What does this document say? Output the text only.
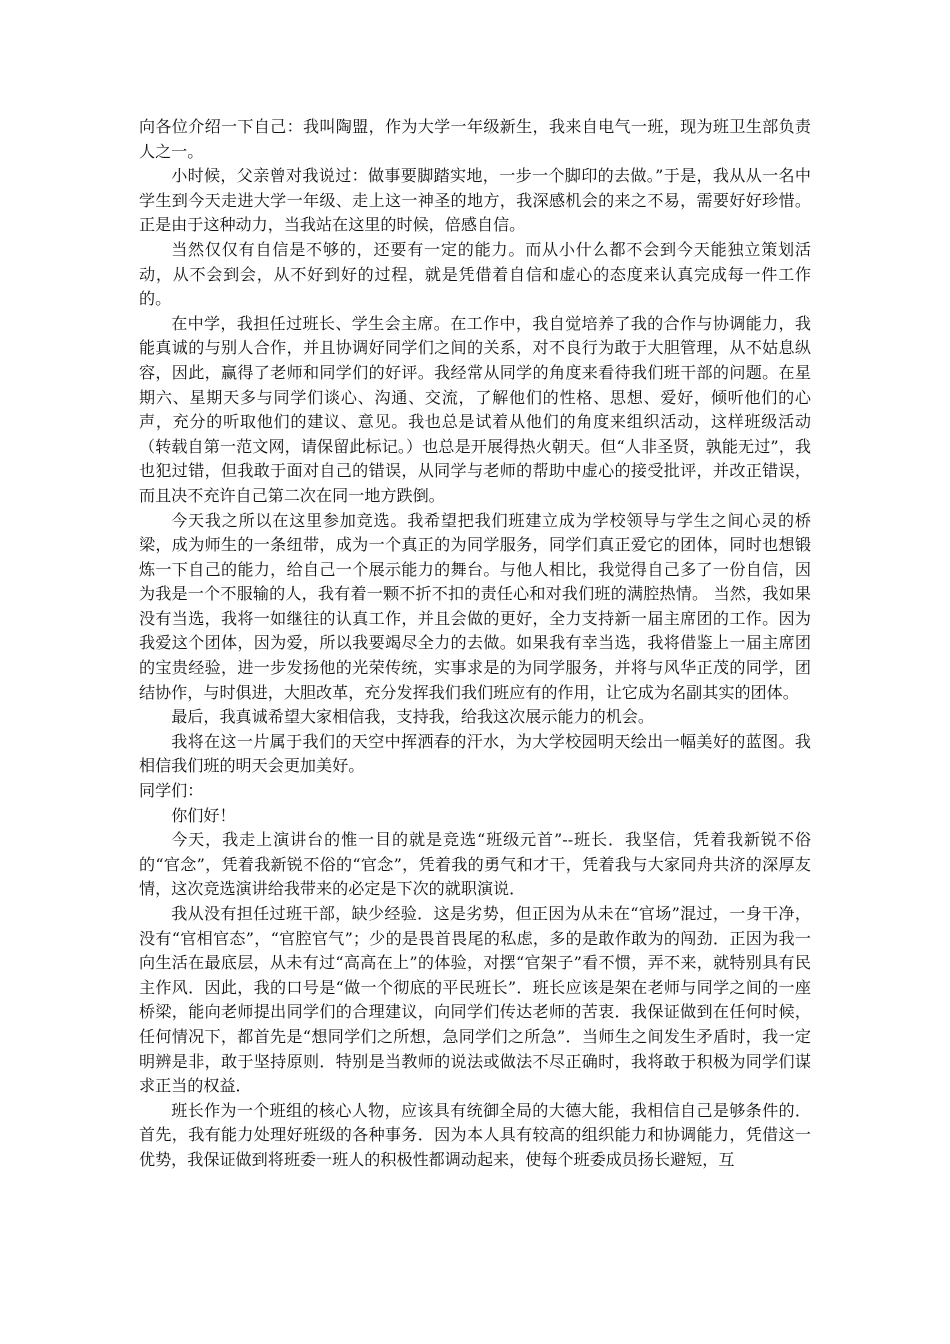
向各位介绍一下自己：我叫陶盟，作为大学一年级新生，我来自电气一班，现为班卫生部负责人之一。

小时候，父亲曾对我说过：做事要脚踏实地，一步一个脚印的去做。”于是，我从从一名中学生到今天走进大学一年级、走上这一神圣的地方，我深感机会的来之不易，需要好好珍惜。正是由于这种动力，当我站在这里的时候，倍感自信。

当然仅仅有自信是不够的，还要有一定的能力。而从小什么都不会到今天能独立策划活动，从不会到会，从不好到好的过程，就是凭借着自信和虚心的态度来认真完成每一件工作的。

在中学，我担任过班长、学生会主席。在工作中，我自觉培养了我的合作与协调能力，我能真诚的与别人合作，并且协调好同学们之间的关系，对不良行为敢于大胆管理，从不姑息纵容，因此，赢得了老师和同学们的好评。我经常从同学的角度来看待我们班干部的问题。在星期六、星期天多与同学们谈心、沟通、交流，了解他们的性格、思想、爱好，倾听他们的心声，充分的听取他们的建议、意见。我也总是试着从他们的角度来组织活动，这样班级活动（转载自第一范文网，请保留此标记。）也总是开展得热火朝天。但“人非圣贤，孰能无过”，我也犯过错，但我敢于面对自己的错误，从同学与老师的帮助中虚心的接受批评，并改正错误，而且决不充许自己第二次在同一地方跌倒。

今天我之所以在这里参加竞选。我希望把我们班建立成为学校领导与学生之间心灵的桥梁，成为师生的一条纽带，成为一个真正的为同学服务，同学们真正爱它的团体，同时也想锻炼一下自己的能力，给自己一个展示能力的舞台。与他人相比，我觉得自己多了一份自信，因为我是一个不服输的人，我有着一颗不折不扣的责任心和对我们班的满腔热情。 当然，我如果没有当选，我将一如继往的认真工作，并且会做的更好，全力支持新一届主席团的工作。因为我爱这个团体，因为爱，所以我要竭尽全力的去做。如果我有幸当选，我将借鉴上一届主席团的宝贵经验，进一步发扬他的光荣传统，实事求是的为同学服务，并将与风华正茂的同学，团结协作，与时俱进，大胆改革，充分发挥我们我们班应有的作用，让它成为名副其实的团体。

最后，我真诚希望大家相信我，支持我，给我这次展示能力的机会。

我将在这一片属于我们的天空中挥洒春的汗水，为大学校园明天绘出一幅美好的蓝图。我相信我们班的明天会更加美好。

同学们：

你们好！

今天，我走上演讲台的惟一目的就是竞选“班级元首”--班长．我坚信，凭着我新锐不俗的“官念”，凭着我新锐不俗的“官念”，凭着我的勇气和才干，凭着我与大家同舟共济的深厚友情，这次竞选演讲给我带来的必定是下次的就职演说．

我从没有担任过班干部，缺少经验．这是劣势，但正因为从未在“官场”混过，一身干净，没有“官相官态”，“官腔官气”；少的是畏首畏尾的私虑，多的是敢作敢为的闯劲．正因为我一向生活在最底层，从未有过“高高在上”的体验，对摆“官架子”看不惯，弄不来，就特别具有民主作风．因此，我的口号是“做一个彻底的平民班长”．班长应该是架在老师与同学之间的一座桥梁，能向老师提出同学们的合理建议，向同学们传达老师的苦衷．我保证做到在任何时候，任何情况下，都首先是“想同学们之所想，急同学们之所急”．当师生之间发生矛盾时，我一定明辨是非，敢于坚持原则．特别是当教师的说法或做法不尽正确时，我将敢于积极为同学们谋求正当的权益．

班长作为一个班组的核心人物，应该具有统御全局的大德大能，我相信自己是够条件的．首先，我有能力处理好班级的各种事务．因为本人具有较高的组织能力和协调能力，凭借这一优势，我保证做到将班委一班人的积极性都调动起来，使每个班委成员扬长避短，互
